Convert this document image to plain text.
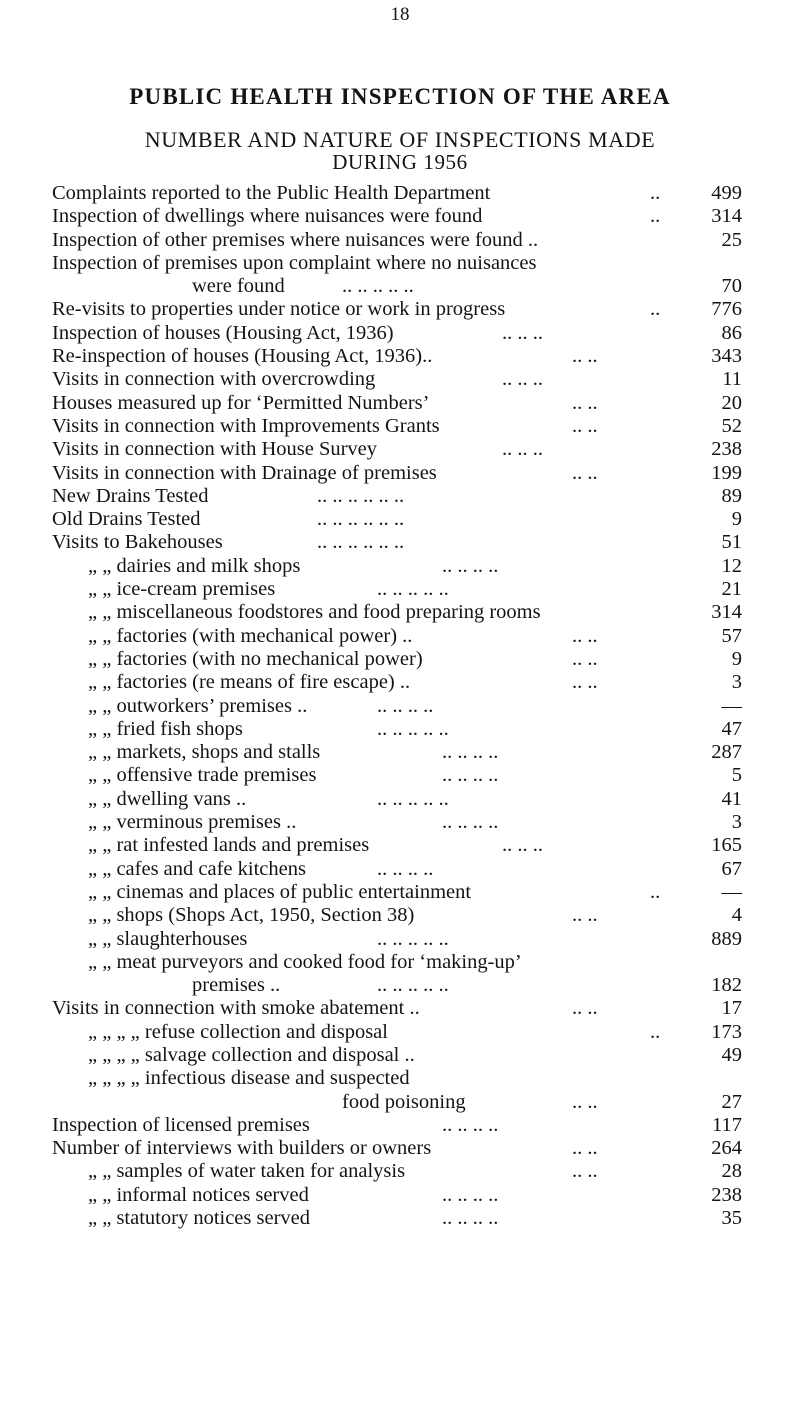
18
PUBLIC HEALTH INSPECTION OF THE AREA
NUMBER AND NATURE OF INSPECTIONS MADE
DURING 1956
Complaints reported to the Public Health Department	.. 499
Inspection of dwellings where nuisances were found	.. 314
Inspection of other premises where nuisances were found ..	25
Inspection of premises upon complaint where no nuisances
were found	.. .. .. .. ..	70
Re-visits to properties under notice or work in progress	.. 776
Inspection of houses (Housing Act, 1936)	.. .. ..	86
Re-inspection of houses (Housing Act, 1936)..	.. ..	343
Visits in connection with overcrowding	.. .. ..	11
Houses measured up for ‘Permitted Numbers’	.. ..	20
Visits in connection with Improvements Grants	.. ..	52
Visits in connection with House Survey	.. .. ..	238
Visits in connection with Drainage of premises	.. ..	199
New Drains Tested	.. .. .. .. .. ..	89
Old Drains Tested	.. .. .. .. .. ..	9
Visits to Bakehouses	.. .. .. .. .. ..	51
„ „ dairies and milk shops	.. .. .. ..	12
„ „ ice-cream premises	.. .. .. .. ..	21
„ „ miscellaneous foodstores and food preparing rooms	314
„ „ factories (with mechanical power) ..	.. ..	57
„ „ factories (with no mechanical power)	.. ..	9
„ „ factories (re means of fire escape) ..	.. ..	3
„ „ outworkers’ premises ..	.. .. .. ..	—
„ „ fried fish shops	.. .. .. .. ..	47
„ „ markets, shops and stalls	.. .. .. ..	287
„ „ offensive trade premises	.. .. .. ..	5
„ „ dwelling vans ..	.. .. .. .. ..	41
„ „ verminous premises ..	.. .. .. ..	3
„ „ rat infested lands and premises	.. .. ..	165
„ „ cafes and cafe kitchens	.. .. .. ..	67
„ „ cinemas and places of public entertainment	..	—
„ „ shops (Shops Act, 1950, Section 38)	.. ..	4
„ „ slaughterhouses	.. .. .. .. ..	889
„ „ meat purveyors and cooked food for ‘making-up’
premises ..	.. .. .. .. ..	182
Visits in connection with smoke abatement ..	.. ..	17
„ „ „ „ refuse collection and disposal	.. 173
„ „ „ „ salvage collection and disposal ..	49
„ „ „ „ infectious disease and suspected
food poisoning	.. ..	27
Inspection of licensed premises	.. .. .. ..	117
Number of interviews with builders or owners	.. ..	264
„ „ samples of water taken for analysis	.. ..	28
„ „ informal notices served	.. .. .. ..	238
„ „ statutory notices served	.. .. .. ..	35
